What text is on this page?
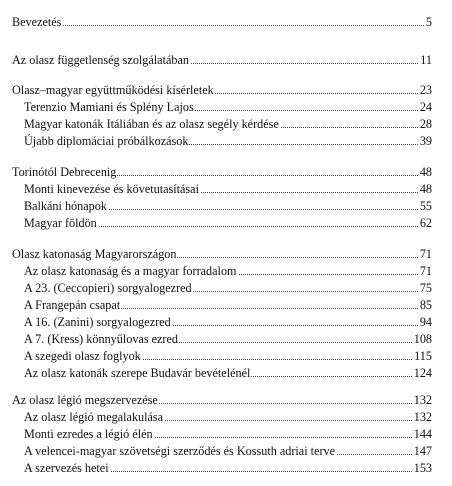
Bevezetés	5
Az olasz függetlenség szolgálatában	11
Olasz–magyar együttműködési kísérletek	23
Terenzio Mamiani és Splény Lajos	24
Magyar katonák Itáliában és az olasz segély kérdése	28
Újabb diplomáciai próbálkozások	39
Torinótól Debrecenig	48
Monti kinevezése és követutasításai	48
Balkáni hónapok	55
Magyar földön	62
Olasz katonaság Magyarországon	71
Az olasz katonaság és a magyar forradalom	71
A 23. (Ceccopieri) sorgyalogezred	75
A Frangepán csapat	85
A 16. (Zanini) sorgyalogezred	94
A 7. (Kress) könnyűlovas ezred	108
A szegedi olasz foglyok	115
Az olasz katonák szerepe Budavár bevételénél	124
Az olasz légió megszervezése	132
Az olasz légió megalakulása	132
Monti ezredes a légió élén	144
A velencei-magyar szövetségi szerződés és Kossuth adriai terve	147
A szervezés hetei	153
